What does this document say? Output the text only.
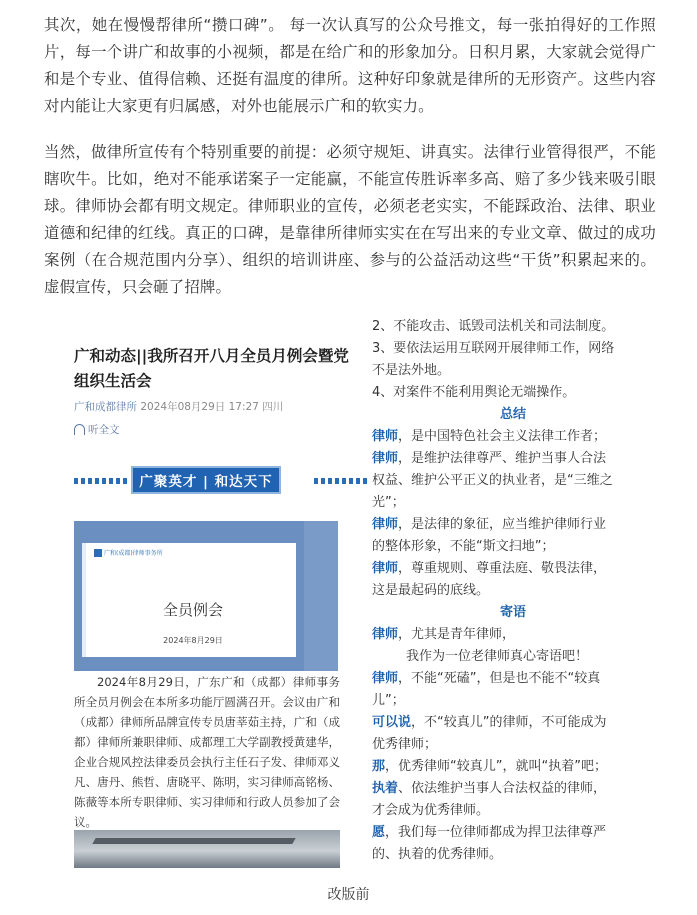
其次，她在慢慢帮律所“攒口碑”。 每一次认真写的公众号推文，每一张拍得好的工作照片，每一个讲广和故事的小视频，都是在给广和的形象加分。日积月累，大家就会觉得广和是个专业、值得信赖、还挺有温度的律所。这种好印象就是律所的无形资产。这些内容对内能让大家更有归属感，对外也能展示广和的软实力。

当然，做律所宣传有个特别重要的前提：必须守规矩、讲真实。法律行业管得很严，不能瞎吹牛。比如，绝对不能承诺案子一定能赢，不能宣传胜诉率多高、赔了多少钱来吸引眼球。律师协会都有明文规定。律师职业的宣传，必须老老实实，不能踩政治、法律、职业道德和纪律的红线。真正的口碑，是靠律所律师实实在在写出来的专业文章、做过的成功案例（在合规范围内分享）、组织的培训讲座、参与的公益活动这些“干货”积累起来的。虚假宣传，只会砸了招牌。

广和动态||我所召开八月全员月例会暨党组织生活会
广和成都律所 2024年08月29日 17:27 四川
听全文
广聚英才 | 和达天下
广和(成都)律师事务所
全员例会
2024年8月29日

2024年8月29日，广东广和（成都）律师事务所全员月例会在本所多功能厅圆满召开。会议由广和（成都）律师所品牌宣传专员唐莘茹主持，广和（成都）律师所兼职律师、成都理工大学副教授黄建华，企业合规风控法律委员会执行主任石子发、律师邓义凡、唐丹、熊哲、唐晓平、陈明，实习律师高铭杨、陈薇等本所专职律师、实习律师和行政人员参加了会议。

2、不能攻击、诋毁司法机关和司法制度。
3、要依法运用互联网开展律师工作，网络
不是法外地。
4、对案件不能利用舆论无端操作。
总结
律师，是中国特色社会主义法律工作者；
律师，是维护法律尊严、维护当事人合法
权益、维护公平正义的执业者，是“三维之
光”；
律师，是法律的象征，应当维护律师行业
的整体形象，不能“斯文扫地”；
律师，尊重规则、尊重法庭、敬畏法律，
这是最起码的底线。
寄语
律师，尤其是青年律师，
我作为一位老律师真心寄语吧！
律师，不能“死磕”，但是也不能不“较真
儿”；
可以说，不“较真儿”的律师，不可能成为
优秀律师；
那，优秀律师“较真儿”，就叫“执着”吧；
执着、依法维护当事人合法权益的律师，
才会成为优秀律师。
愿，我们每一位律师都成为捍卫法律尊严
的、执着的优秀律师。
改版前
